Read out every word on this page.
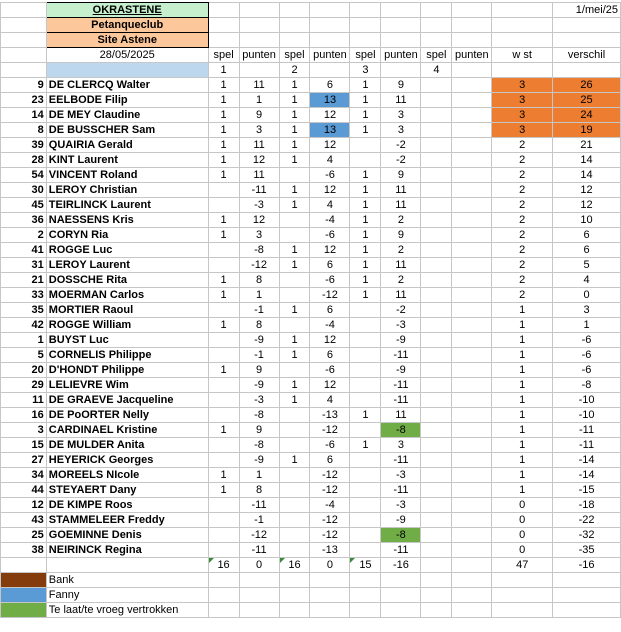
	OKRASTENE										1/mei/25
	Petanqueclub										
	Site Astene										
	28/05/2025	spel	punten	spel	punten	spel	punten	spel	punten	w st	verschil
		1		2		3		4			
9	DE CLERCQ Walter	1	11	1	6	1	9			3	26
23	EELBODE Filip	1	1	1	13	1	11			3	25
14	DE MEY Claudine	1	9	1	12	1	3			3	24
8	DE BUSSCHER Sam	1	3	1	13	1	3			3	19
39	QUAIRIA Gerald	1	11	1	12		-2			2	21
28	KINT Laurent	1	12	1	4		-2			2	14
54	VINCENT Roland	1	11		-6	1	9			2	14
30	LEROY Christian		-11	1	12	1	11			2	12
45	TEIRLINCK Laurent		-3	1	4	1	11			2	12
36	NAESSENS Kris	1	12		-4	1	2			2	10
2	CORYN Ria	1	3		-6	1	9			2	6
41	ROGGE Luc		-8	1	12	1	2			2	6
31	LEROY Laurent		-12	1	6	1	11			2	5
21	DOSSCHE Rita	1	8		-6	1	2			2	4
33	MOERMAN Carlos	1	1		-12	1	11			2	0
35	MORTIER Raoul		-1	1	6		-2			1	3
42	ROGGE William	1	8		-4		-3			1	1
1	BUYST Luc		-9	1	12		-9			1	-6
5	CORNELIS Philippe		-1	1	6		-11			1	-6
20	D'HONDT Philippe	1	9		-6		-9			1	-6
29	LELIEVRE Wim		-9	1	12		-11			1	-8
11	DE GRAEVE Jacqueline		-3	1	4		-11			1	-10
16	DE PoORTER Nelly		-8		-13	1	11			1	-10
3	CARDINAEL Kristine	1	9		-12		-8			1	-11
15	DE MULDER Anita		-8		-6	1	3			1	-11
27	HEYERICK Georges		-9	1	6		-11			1	-14
34	MOREELS NIcole	1	1		-12		-3			1	-14
44	STEYAERT Dany	1	8		-12		-11			1	-15
12	DE KIMPE Roos		-11		-4		-3			0	-18
43	STAMMELEER Freddy		-1		-12		-9			0	-22
25	GOEMINNE Denis		-12		-12		-8			0	-32
38	NEIRINCK Regina		-11		-13		-11			0	-35
		16	0	16	0	15	-16			47	-16
	Bank										
	Fanny										
	Te laat/te vroeg vertrokken										
